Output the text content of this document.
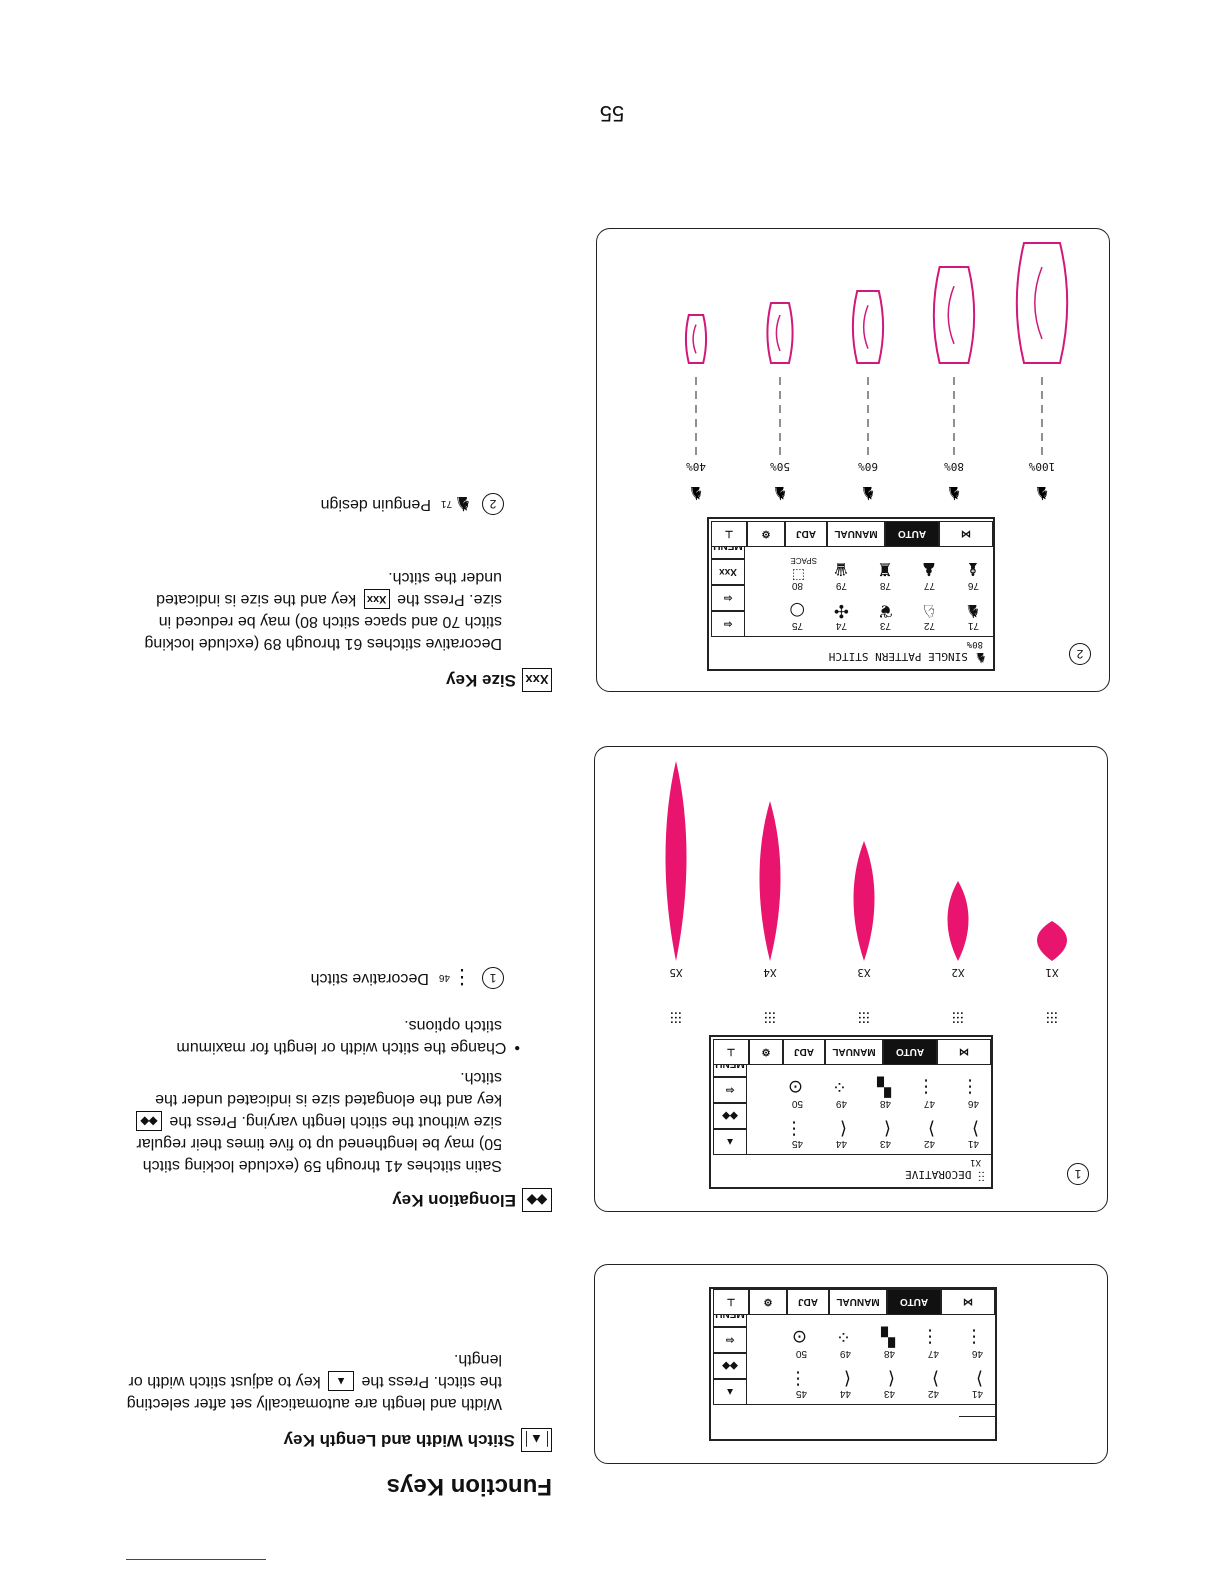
55
Function Keys
│▲│
Stitch Width and Length Key
Width and length are automatically set after selecting the stitch. Press the ▲ key to adjust stitch width or length.
◆◆
Elongation Key
Satin stitches 41 through 59 (exclude locking stitch 50) may be lengthened up to five times their regular size without the stitch length varying. Press the ◆◆ key and the elongated size is indicated under the stitch.
•Change the stitch width or length for maximum stitch options.
1
⋮
46
Decorative stitch
Xxx
Size Key
Decorative stitches 61 through 89 (exclude locking stitch 70 and space stitch 80) may be reduced in size. Press the Xxx key and the size is indicated under the stitch.
2
♞
71
Penguin design
41
42
43
44
45
⟩
⟩
⟨
⟨
⋮
46
47
48
49
50
⋮
⋮
▚
⁘
⊙
▲
◆◆
⇦
⋈
AUTO
MANUAL
ADJ
⚙
⊥
1
⫶⫶ DECORATIVE
X1
41
42
43
44
45
⟩
⟩
⟨
⟨
⋮
46
47
48
49
50
⋮
⋮
▚
⁘
⊙
▲
◆◆
⇦
⋈
AUTO
MANUAL
ADJ
⚙
⊥
⫶⫶⫶
⫶⫶⫶
⫶⫶⫶
⫶⫶⫶
⫶⫶⫶
X1
X2
X3
X4
X5
2
♞ SINGLE PATTERN STITCH
80%
71
72
73
74
75
♞
♘
❦
✣
○
76
77
78
79
80
♝
♟
♜
♛
SPACE
⬚
⇦
⇦
Xxx
⋈
AUTO
MANUAL
ADJ
⚙
⊥
100%
80%
60%
50%
40%
♞
♞
♞
♞
♞
